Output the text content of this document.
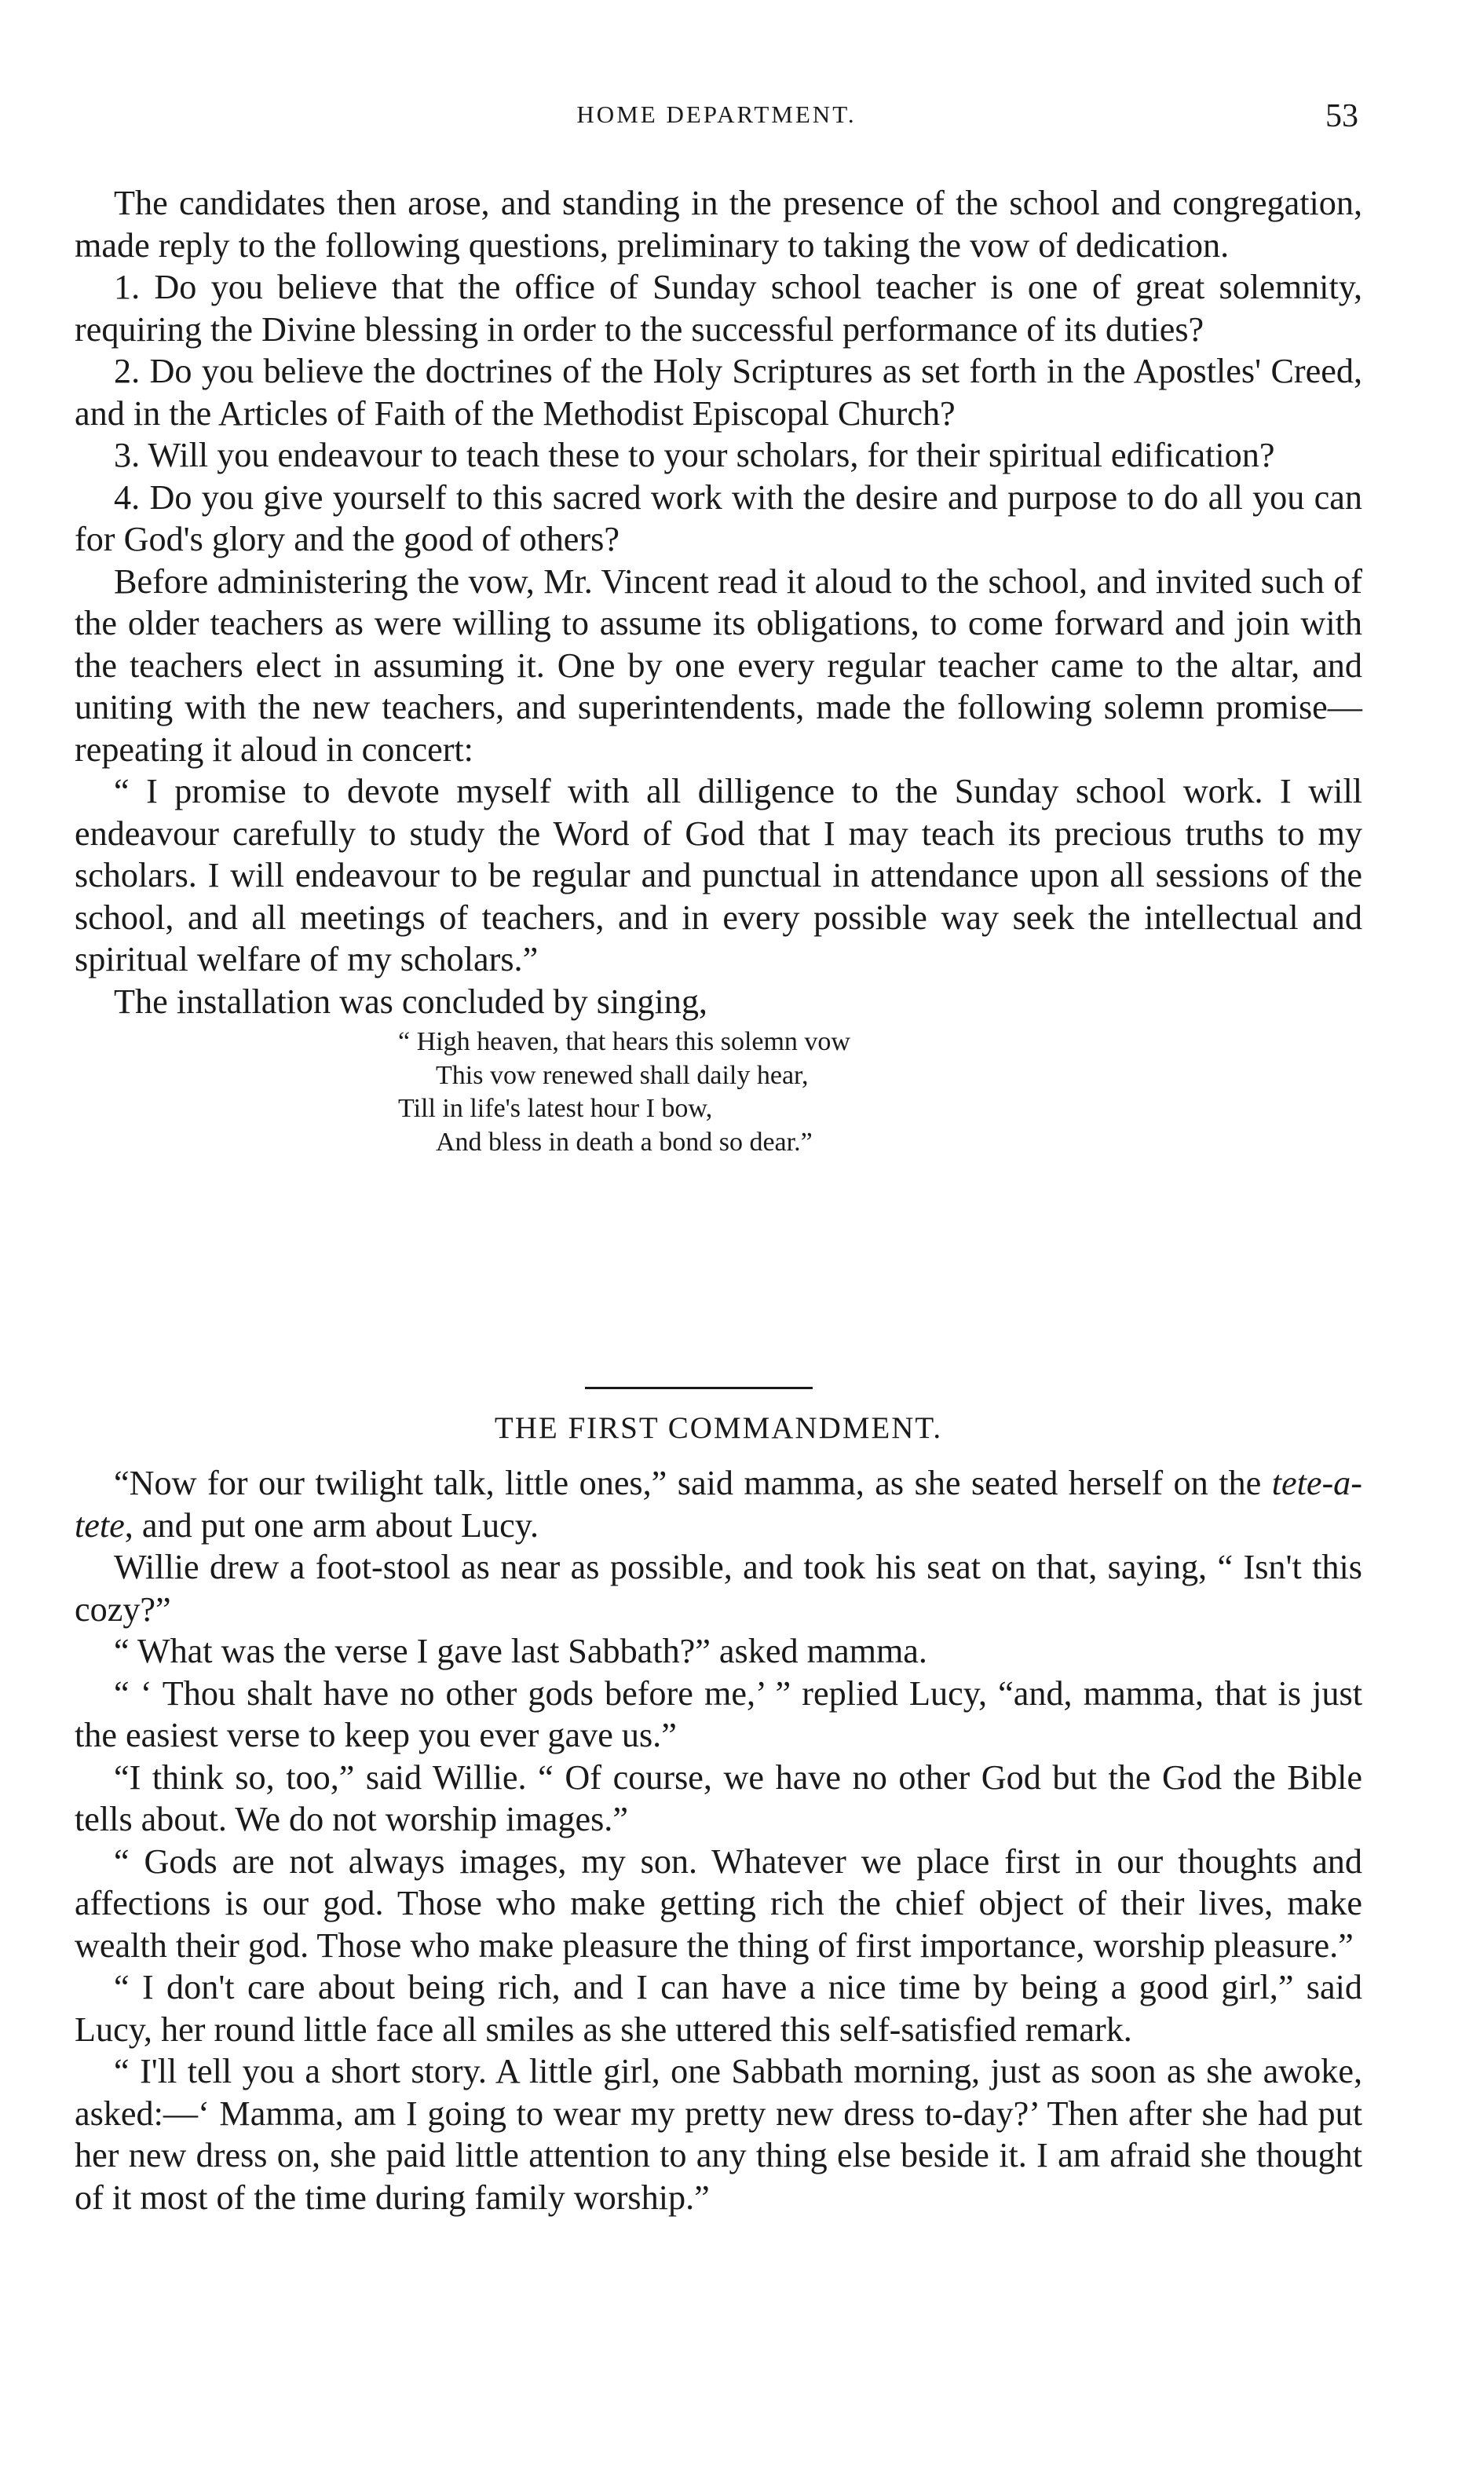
HOME DEPARTMENT.	53

The candidates then arose, and standing in the presence of the school and congregation, made reply to the following questions, preliminary to taking the vow of dedication.

1. Do you believe that the office of Sunday school teacher is one of great solemnity, requiring the Divine blessing in order to the successful performance of its duties?

2. Do you believe the doctrines of the Holy Scriptures as set forth in the Apostles' Creed, and in the Articles of Faith of the Methodist Episcopal Church?

3. Will you endeavour to teach these to your scholars, for their spiritual edification?

4. Do you give yourself to this sacred work with the desire and purpose to do all you can for God's glory and the good of others?

Before administering the vow, Mr. Vincent read it aloud to the school, and invited such of the older teachers as were willing to assume its obligations, to come forward and join with the teachers elect in assuming it. One by one every regular teacher came to the altar, and uniting with the new teachers, and superintendents, made the following solemn promise—repeating it aloud in concert:

“ I promise to devote myself with all dilligence to the Sunday school work. I will endeavour carefully to study the Word of God that I may teach its precious truths to my scholars. I will endeavour to be regular and punctual in attendance upon all sessions of the school, and all meetings of teachers, and in every possible way seek the intellectual and spiritual welfare of my scholars.”

The installation was concluded by singing,

“ High heaven, that hears this solemn vow
This vow renewed shall daily hear,
Till in life's latest hour I bow,
And bless in death a bond so dear.”
THE FIRST COMMANDMENT.

“Now for our twilight talk, little ones,” said mamma, as she seated herself on the tete-a-tete, and put one arm about Lucy.

Willie drew a foot-stool as near as possible, and took his seat on that, saying, “ Isn't this cozy?”

“ What was the verse I gave last Sabbath?” asked mamma.

“ ‘ Thou shalt have no other gods before me,’ ” replied Lucy, “and, mamma, that is just the easiest verse to keep you ever gave us.”

“I think so, too,” said Willie. “ Of course, we have no other God but the God the Bible tells about. We do not worship images.”

“ Gods are not always images, my son. Whatever we place first in our thoughts and affections is our god. Those who make getting rich the chief object of their lives, make wealth their god. Those who make pleasure the thing of first importance, worship pleasure.”

“ I don't care about being rich, and I can have a nice time by being a good girl,” said Lucy, her round little face all smiles as she uttered this self-satisfied remark.

“ I'll tell you a short story. A little girl, one Sabbath morning, just as soon as she awoke, asked:—‘ Mamma, am I going to wear my pretty new dress to-day?’ Then after she had put her new dress on, she paid little attention to any thing else beside it. I am afraid she thought of it most of the time during family worship.”
